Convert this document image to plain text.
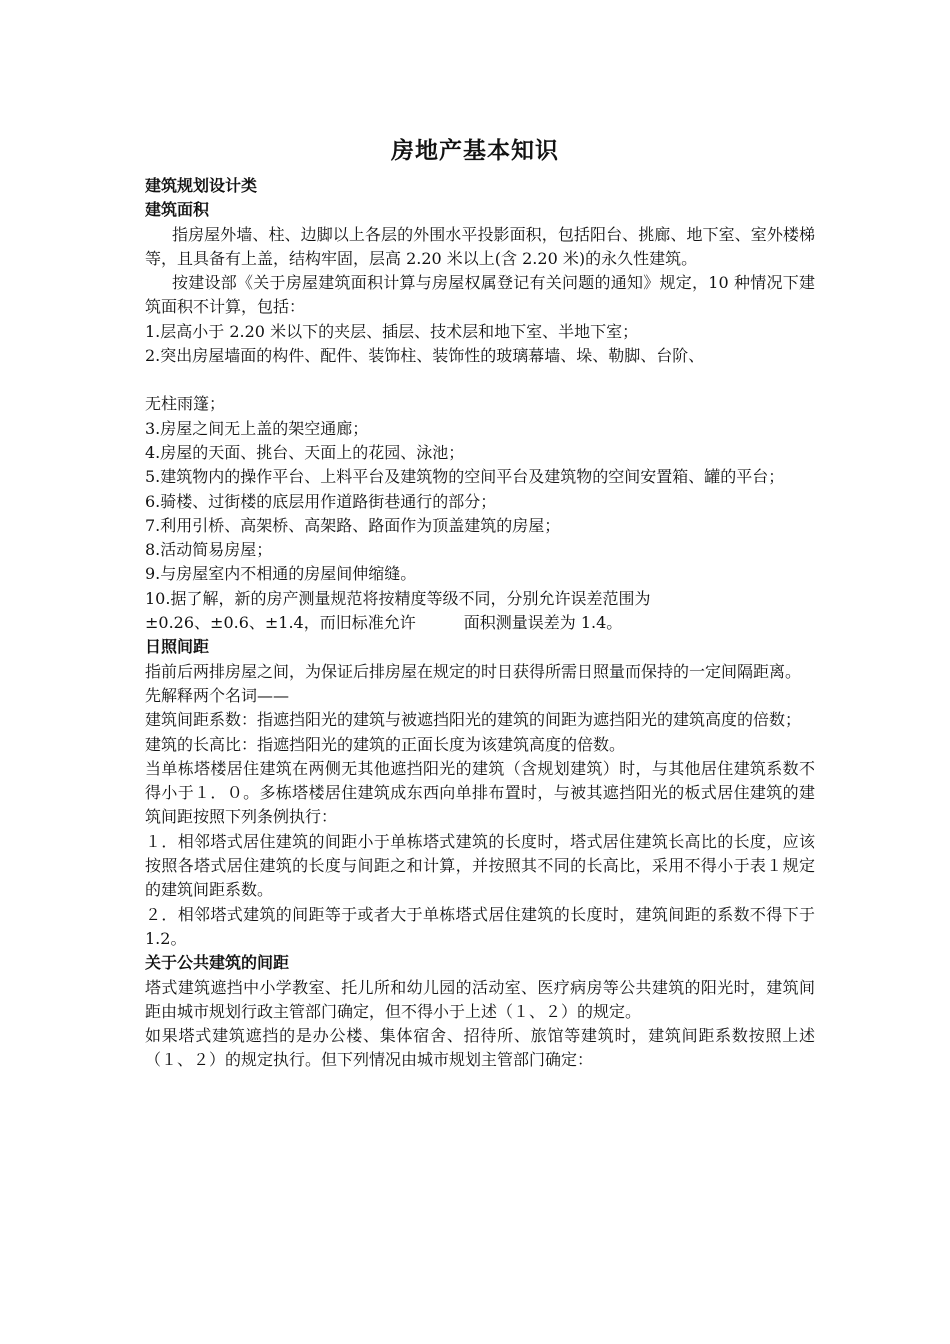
房地产基本知识

建筑规划设计类

建筑面积

指房屋外墙、柱、边脚以上各层的外围水平投影面积，包括阳台、挑廊、地下室、室外楼梯等，且具备有上盖，结构牢固，层高 2.20 米以上(含 2.20 米)的永久性建筑。

按建设部《关于房屋建筑面积计算与房屋权属登记有关问题的通知》规定，10 种情况下建筑面积不计算，包括：

1.层高小于 2.20 米以下的夹层、插层、技术层和地下室、半地下室；

2.突出房屋墙面的构件、配件、装饰柱、装饰性的玻璃幕墙、垛、勒脚、台阶、

无柱雨篷；

3.房屋之间无上盖的架空通廊；

4.房屋的天面、挑台、天面上的花园、泳池；

5.建筑物内的操作平台、上料平台及建筑物的空间平台及建筑物的空间安置箱、罐的平台；

6.骑楼、过街楼的底层用作道路街巷通行的部分；

7.利用引桥、高架桥、高架路、路面作为顶盖建筑的房屋；

8.活动简易房屋；

9.与房屋室内不相通的房屋间伸缩缝。

10.据了解，新的房产测量规范将按精度等级不同，分别允许误差范围为

±0.26、±0.6、±1.4，而旧标准允许	面积测量误差为 1.4。

日照间距

指前后两排房屋之间，为保证后排房屋在规定的时日获得所需日照量而保持的一定间隔距离。

先解释两个名词——

建筑间距系数：指遮挡阳光的建筑与被遮挡阳光的建筑的间距为遮挡阳光的建筑高度的倍数；

建筑的长高比：指遮挡阳光的建筑的正面长度为该建筑高度的倍数。

当单栋塔楼居住建筑在两侧无其他遮挡阳光的建筑（含规划建筑）时，与其他居住建筑系数不得小于１．０。多栋塔楼居住建筑成东西向单排布置时，与被其遮挡阳光的板式居住建筑的建筑间距按照下列条例执行：

１．相邻塔式居住建筑的间距小于单栋塔式建筑的长度时，塔式居住建筑长高比的长度，应该按照各塔式居住建筑的长度与间距之和计算，并按照其不同的长高比，采用不得小于表１规定的建筑间距系数。

２．相邻塔式建筑的间距等于或者大于单栋塔式居住建筑的长度时，建筑间距的系数不得下于 1.2。

关于公共建筑的间距

塔式建筑遮挡中小学教室、托儿所和幼儿园的活动室、医疗病房等公共建筑的阳光时，建筑间距由城市规划行政主管部门确定，但不得小于上述（１、２）的规定。

如果塔式建筑遮挡的是办公楼、集体宿舍、招待所、旅馆等建筑时，建筑间距系数按照上述（１、２）的规定执行。但下列情况由城市规划主管部门确定：
